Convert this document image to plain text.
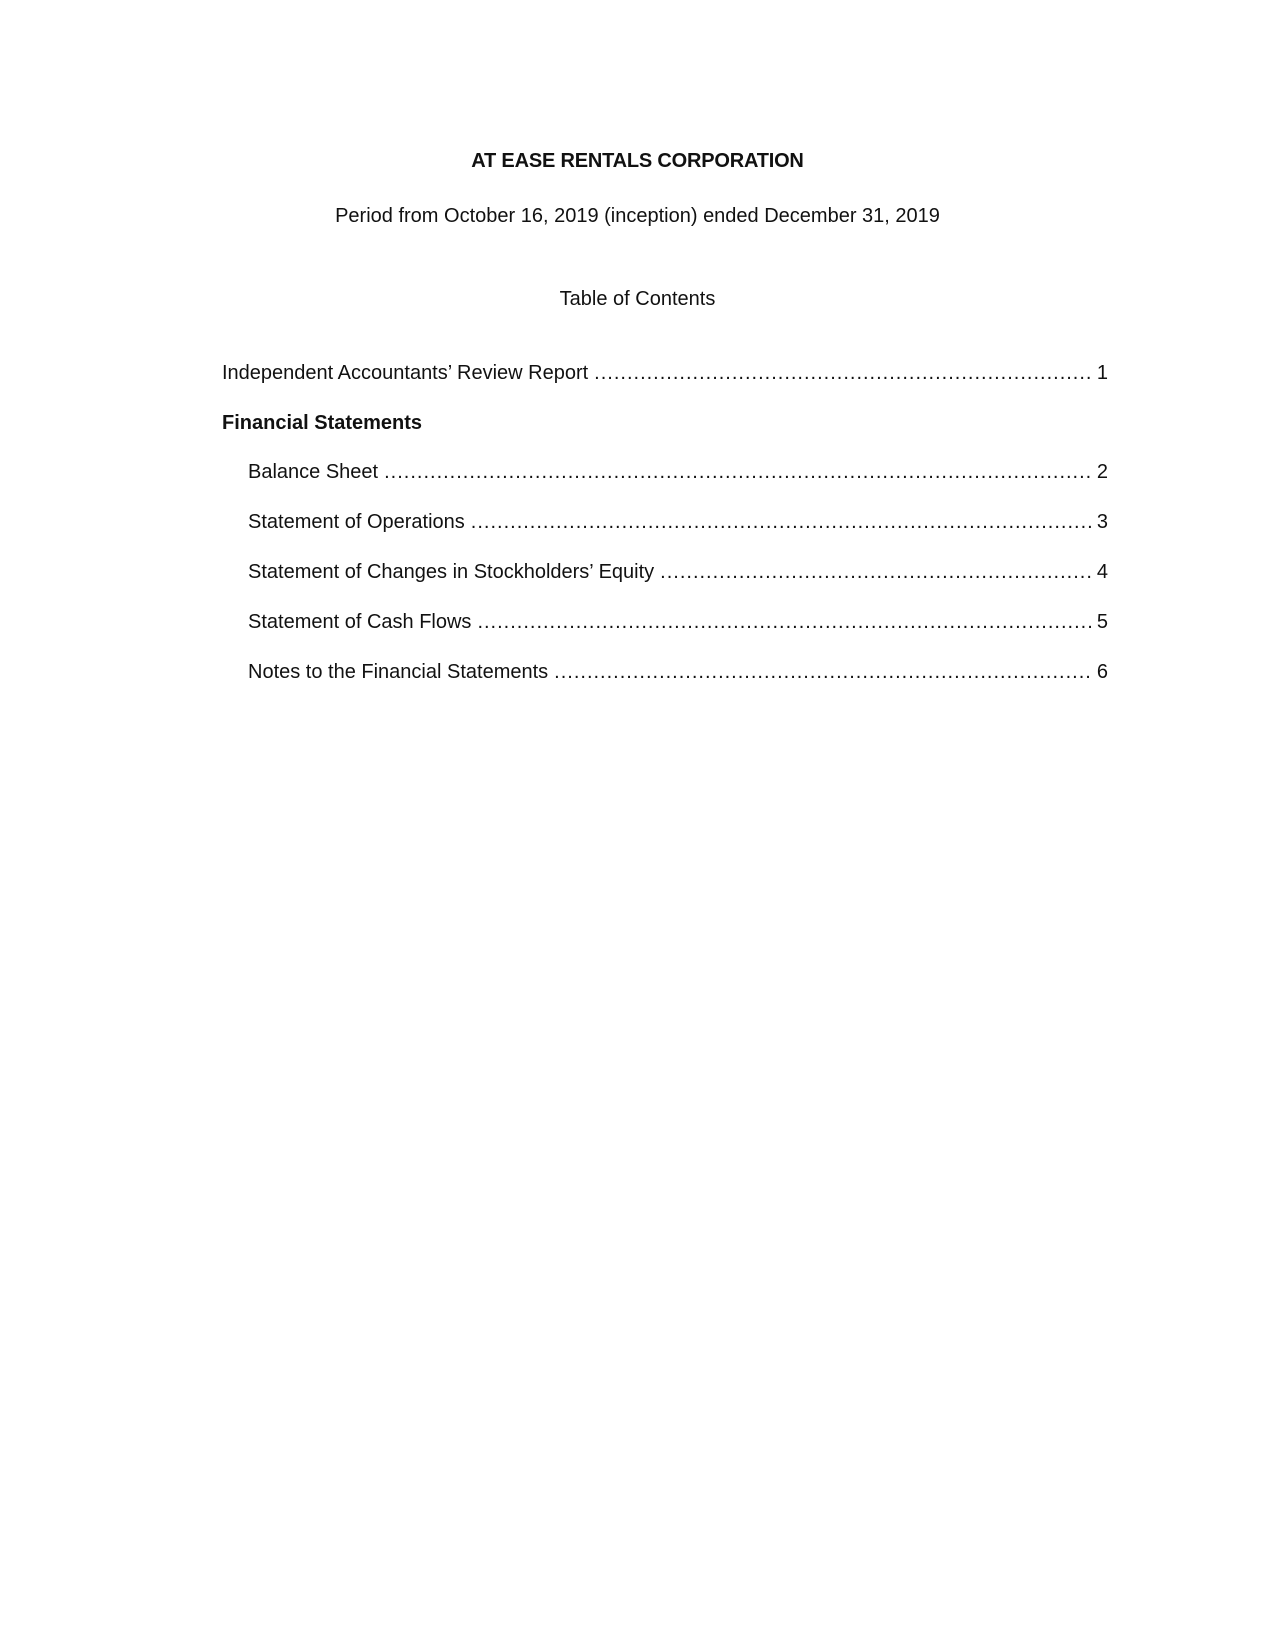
AT EASE RENTALS CORPORATION
Period from October 16, 2019 (inception) ended December 31, 2019
Table of Contents
Independent Accountants’ Review Report .....	1
Financial Statements
Balance Sheet .....	2
Statement of Operations .....	3
Statement of Changes in Stockholders’ Equity .....	4
Statement of Cash Flows .....	5
Notes to the Financial Statements .....	6
